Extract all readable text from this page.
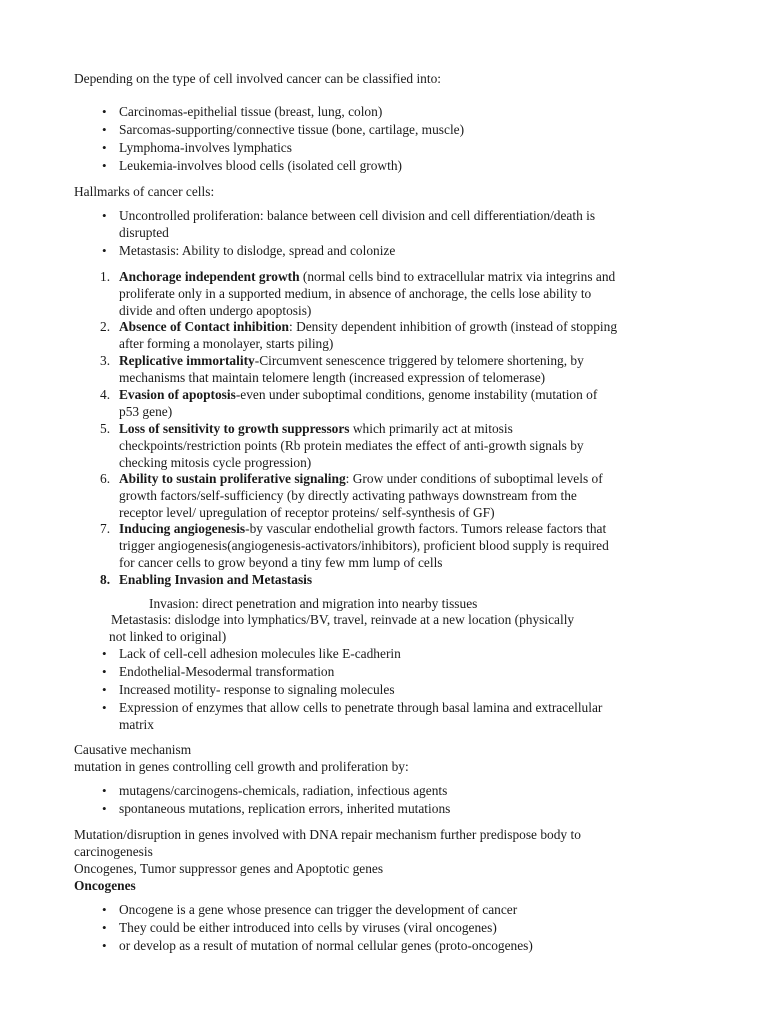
Depending on the type of cell involved cancer can be classified into:
• Carcinomas-epithelial tissue (breast, lung, colon)
• Sarcomas-supporting/connective tissue (bone, cartilage, muscle)
• Lymphoma-involves lymphatics
• Leukemia-involves blood cells (isolated cell growth)
Hallmarks of cancer cells:
• Uncontrolled proliferation: balance between cell division and cell differentiation/death is
disrupted
• Metastasis: Ability to dislodge, spread and colonize
1. Anchorage independent growth (normal cells bind to extracellular matrix via integrins and
proliferate only in a supported medium, in absence of anchorage, the cells lose ability to
divide and often undergo apoptosis)
2. Absence of Contact inhibition: Density dependent inhibition of growth (instead of stopping
after forming a monolayer, starts piling)
3. Replicative immortality-Circumvent senescence triggered by telomere shortening, by
mechanisms that maintain telomere length (increased expression of telomerase)
4. Evasion of apoptosis-even under suboptimal conditions, genome instability (mutation of
p53 gene)
5. Loss of sensitivity to growth suppressors which primarily act at mitosis
checkpoints/restriction points (Rb protein mediates the effect of anti-growth signals by
checking mitosis cycle progression)
6. Ability to sustain proliferative signaling: Grow under conditions of suboptimal levels of
growth factors/self-sufficiency (by directly activating pathways downstream from the
receptor level/ upregulation of receptor proteins/ self-synthesis of GF)
7. Inducing angiogenesis-by vascular endothelial growth factors. Tumors release factors that
trigger angiogenesis(angiogenesis-activators/inhibitors), proficient blood supply is required
for cancer cells to grow beyond a tiny few mm lump of cells
8. Enabling Invasion and Metastasis
Invasion: direct penetration and migration into nearby tissues
Metastasis: dislodge into lymphatics/BV, travel, reinvade at a new location (physically
not linked to original)
• Lack of cell-cell adhesion molecules like E-cadherin
• Endothelial-Mesodermal transformation
• Increased motility- response to signaling molecules
• Expression of enzymes that allow cells to penetrate through basal lamina and extracellular
matrix
Causative mechanism
mutation in genes controlling cell growth and proliferation by:
• mutagens/carcinogens-chemicals, radiation, infectious agents
• spontaneous mutations, replication errors, inherited mutations
Mutation/disruption in genes involved with DNA repair mechanism further predispose body to
carcinogenesis
Oncogenes, Tumor suppressor genes and Apoptotic genes
Oncogenes
• Oncogene is a gene whose presence can trigger the development of cancer
• They could be either introduced into cells by viruses (viral oncogenes)
• or develop as a result of mutation of normal cellular genes (proto-oncogenes)
